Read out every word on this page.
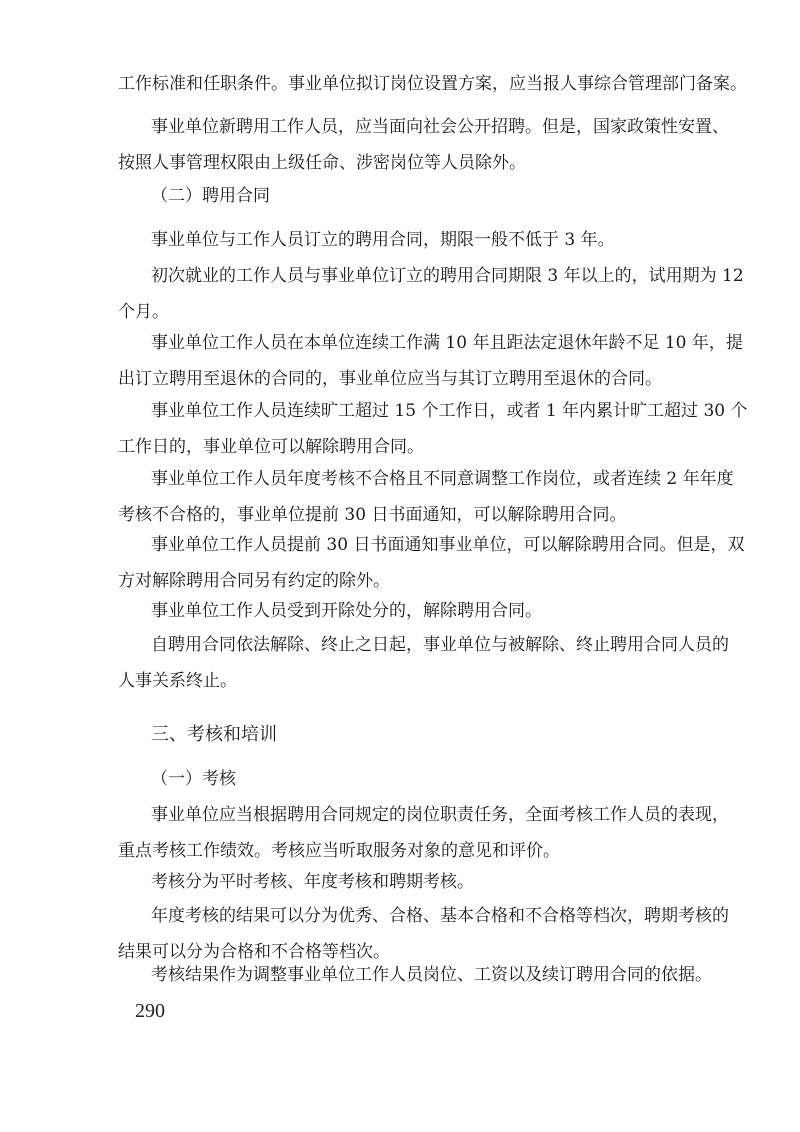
工作标准和任职条件。事业单位拟订岗位设置方案，应当报人事综合管理部门备案。

事业单位新聘用工作人员，应当面向社会公开招聘。但是，国家政策性安置、

按照人事管理权限由上级任命、涉密岗位等人员除外。

（二）聘用合同

事业单位与工作人员订立的聘用合同，期限一般不低于 3 年。

初次就业的工作人员与事业单位订立的聘用合同期限 3 年以上的，试用期为 12

个月。

事业单位工作人员在本单位连续工作满 10 年且距法定退休年龄不足 10 年，提

出订立聘用至退休的合同的，事业单位应当与其订立聘用至退休的合同。

事业单位工作人员连续旷工超过 15 个工作日，或者 1 年内累计旷工超过 30 个

工作日的，事业单位可以解除聘用合同。

事业单位工作人员年度考核不合格且不同意调整工作岗位，或者连续 2 年年度

考核不合格的，事业单位提前 30 日书面通知，可以解除聘用合同。

事业单位工作人员提前 30 日书面通知事业单位，可以解除聘用合同。但是，双

方对解除聘用合同另有约定的除外。

事业单位工作人员受到开除处分的，解除聘用合同。

自聘用合同依法解除、终止之日起，事业单位与被解除、终止聘用合同人员的

人事关系终止。

三、考核和培训

（一）考核

事业单位应当根据聘用合同规定的岗位职责任务，全面考核工作人员的表现，

重点考核工作绩效。考核应当听取服务对象的意见和评价。

考核分为平时考核、年度考核和聘期考核。

年度考核的结果可以分为优秀、合格、基本合格和不合格等档次，聘期考核的

结果可以分为合格和不合格等档次。

考核结果作为调整事业单位工作人员岗位、工资以及续订聘用合同的依据。

290
